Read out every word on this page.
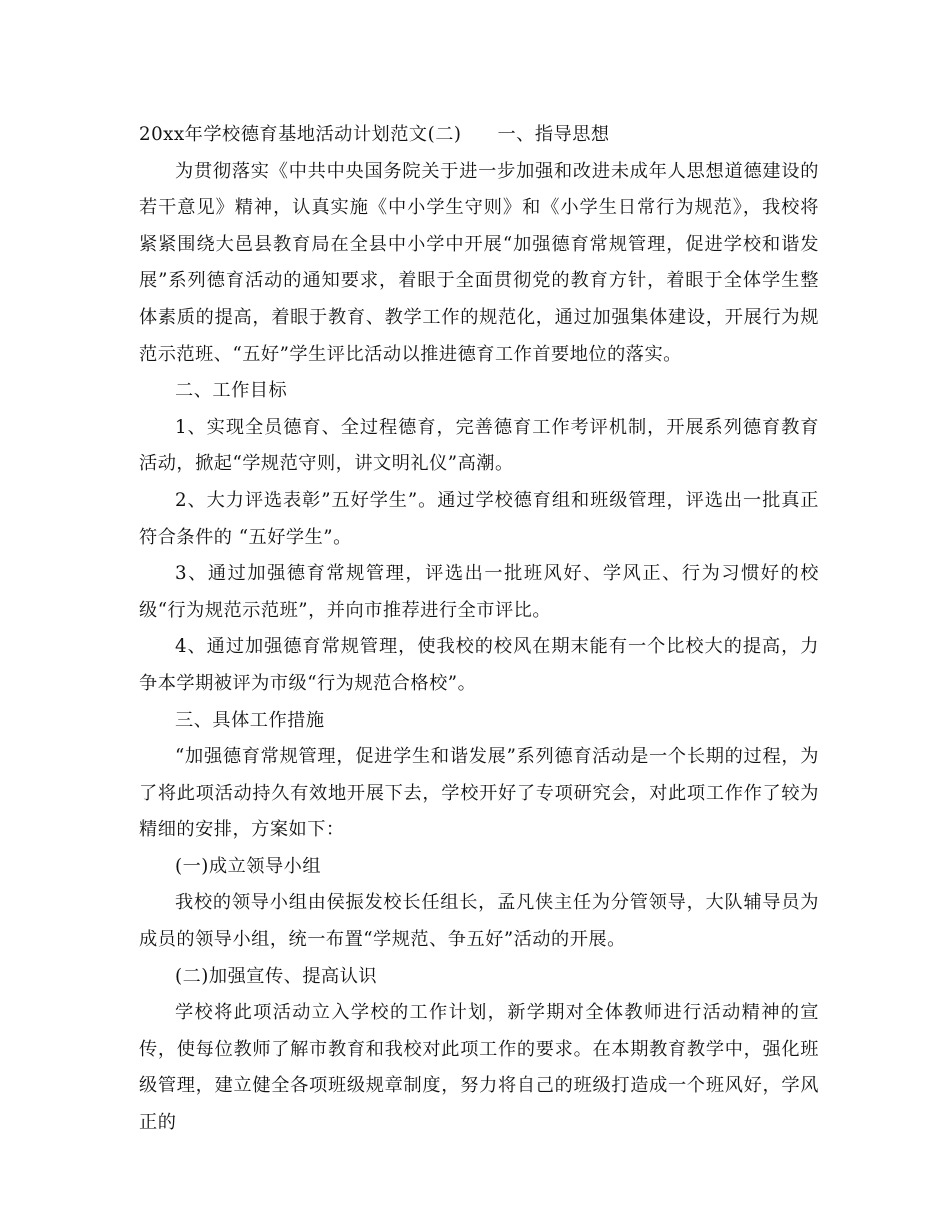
20xx年学校德育基地活动计划范文(二) 一、指导思想

为贯彻落实《中共中央国务院关于进一步加强和改进未成年人思想道德建设的若干意见》精神，认真实施《中小学生守则》和《小学生日常行为规范》，我校将紧紧围绕大邑县教育局在全县中小学中开展“加强德育常规管理，促进学校和谐发展”系列德育活动的通知要求，着眼于全面贯彻党的教育方针，着眼于全体学生整体素质的提高，着眼于教育、教学工作的规范化，通过加强集体建设，开展行为规范示范班、“五好”学生评比活动以推进德育工作首要地位的落实。

二、工作目标

1、实现全员德育、全过程德育，完善德育工作考评机制，开展系列德育教育活动，掀起“学规范守则，讲文明礼仪”高潮。

2、大力评选表彰”五好学生”。通过学校德育组和班级管理，评选出一批真正符合条件的 “五好学生”。

3、通过加强德育常规管理，评选出一批班风好、学风正、行为习惯好的校级“行为规范示范班”，并向市推荐进行全市评比。

4、通过加强德育常规管理，使我校的校风在期末能有一个比校大的提高，力争本学期被评为市级“行为规范合格校”。

三、具体工作措施

“加强德育常规管理，促进学生和谐发展”系列德育活动是一个长期的过程，为了将此项活动持久有效地开展下去，学校开好了专项研究会，对此项工作作了较为精细的安排，方案如下：

(一)成立领导小组

我校的领导小组由侯振发校长任组长，孟凡侠主任为分管领导，大队辅导员为成员的领导小组，统一布置“学规范、争五好”活动的开展。

(二)加强宣传、提高认识

学校将此项活动立入学校的工作计划，新学期对全体教师进行活动精神的宣传，使每位教师了解市教育和我校对此项工作的要求。在本期教育教学中，强化班级管理，建立健全各项班级规章制度，努力将自己的班级打造成一个班风好，学风正的
